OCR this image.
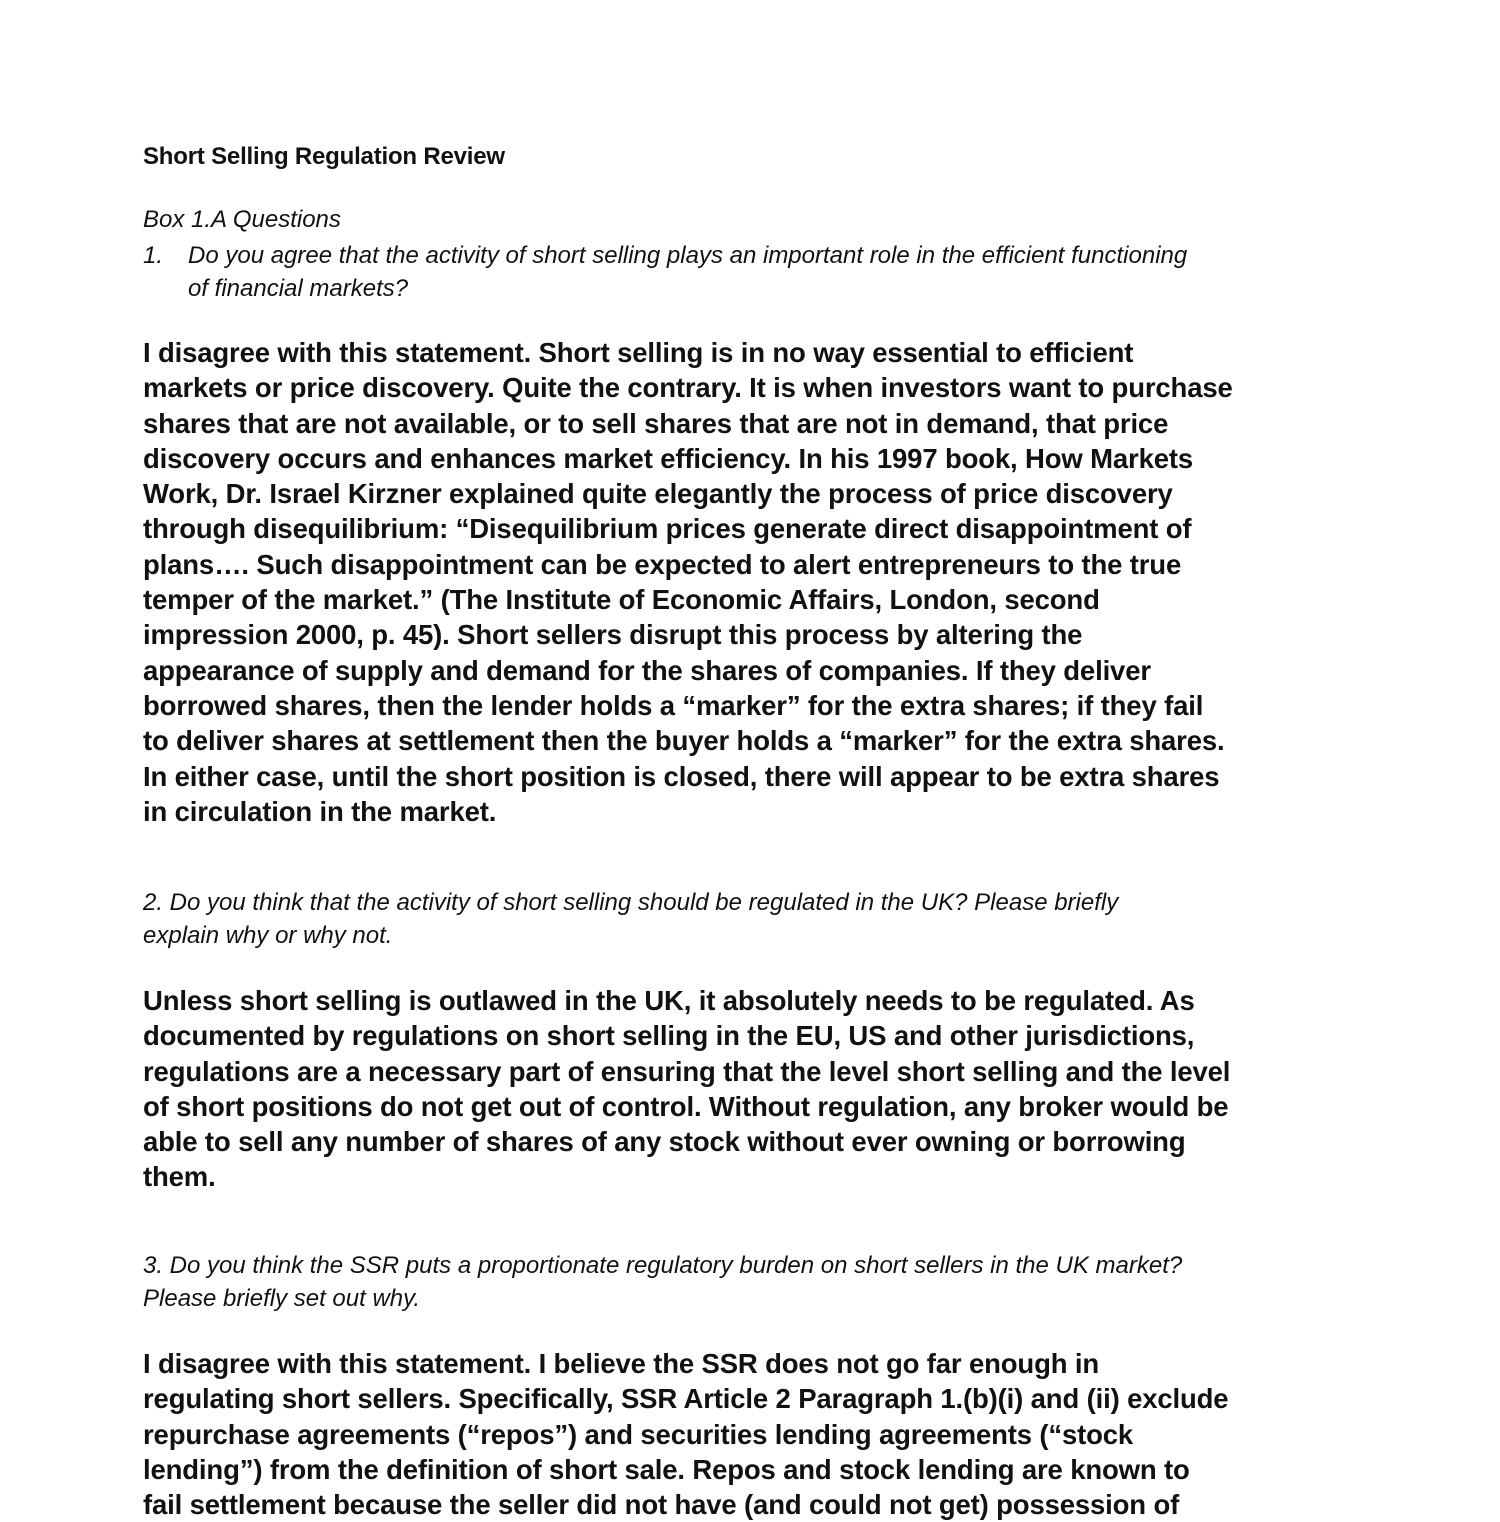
Short Selling Regulation Review

Box 1.A Questions

1.	Do you agree that the activity of short selling plays an important role in the efficient functioning
of financial markets?
I disagree with this statement. Short selling is in no way essential to efficient
markets or price discovery. Quite the contrary. It is when investors want to purchase
shares that are not available, or to sell shares that are not in demand, that price
discovery occurs and enhances market efficiency. In his 1997 book, How Markets
Work, Dr. Israel Kirzner explained quite elegantly the process of price discovery
through disequilibrium: “Disequilibrium prices generate direct disappointment of
plans…. Such disappointment can be expected to alert entrepreneurs to the true
temper of the market.” (The Institute of Economic Affairs, London, second
impression 2000, p. 45). Short sellers disrupt this process by altering the
appearance of supply and demand for the shares of companies. If they deliver
borrowed shares, then the lender holds a “marker” for the extra shares; if they fail
to deliver shares at settlement then the buyer holds a “marker” for the extra shares.
In either case, until the short position is closed, there will appear to be extra shares
in circulation in the market.
2. Do you think that the activity of short selling should be regulated in the UK? Please briefly
explain why or why not.
Unless short selling is outlawed in the UK, it absolutely needs to be regulated. As
documented by regulations on short selling in the EU, US and other jurisdictions,
regulations are a necessary part of ensuring that the level short selling and the level
of short positions do not get out of control. Without regulation, any broker would be
able to sell any number of shares of any stock without ever owning or borrowing
them.
3. Do you think the SSR puts a proportionate regulatory burden on short sellers in the UK market?
Please briefly set out why.
I disagree with this statement. I believe the SSR does not go far enough in
regulating short sellers. Specifically, SSR Article 2 Paragraph 1.(b)(i) and (ii) exclude
repurchase agreements (“repos”) and securities lending agreements (“stock
lending”) from the definition of short sale. Repos and stock lending are known to
fail settlement because the seller did not have (and could not get) possession of
